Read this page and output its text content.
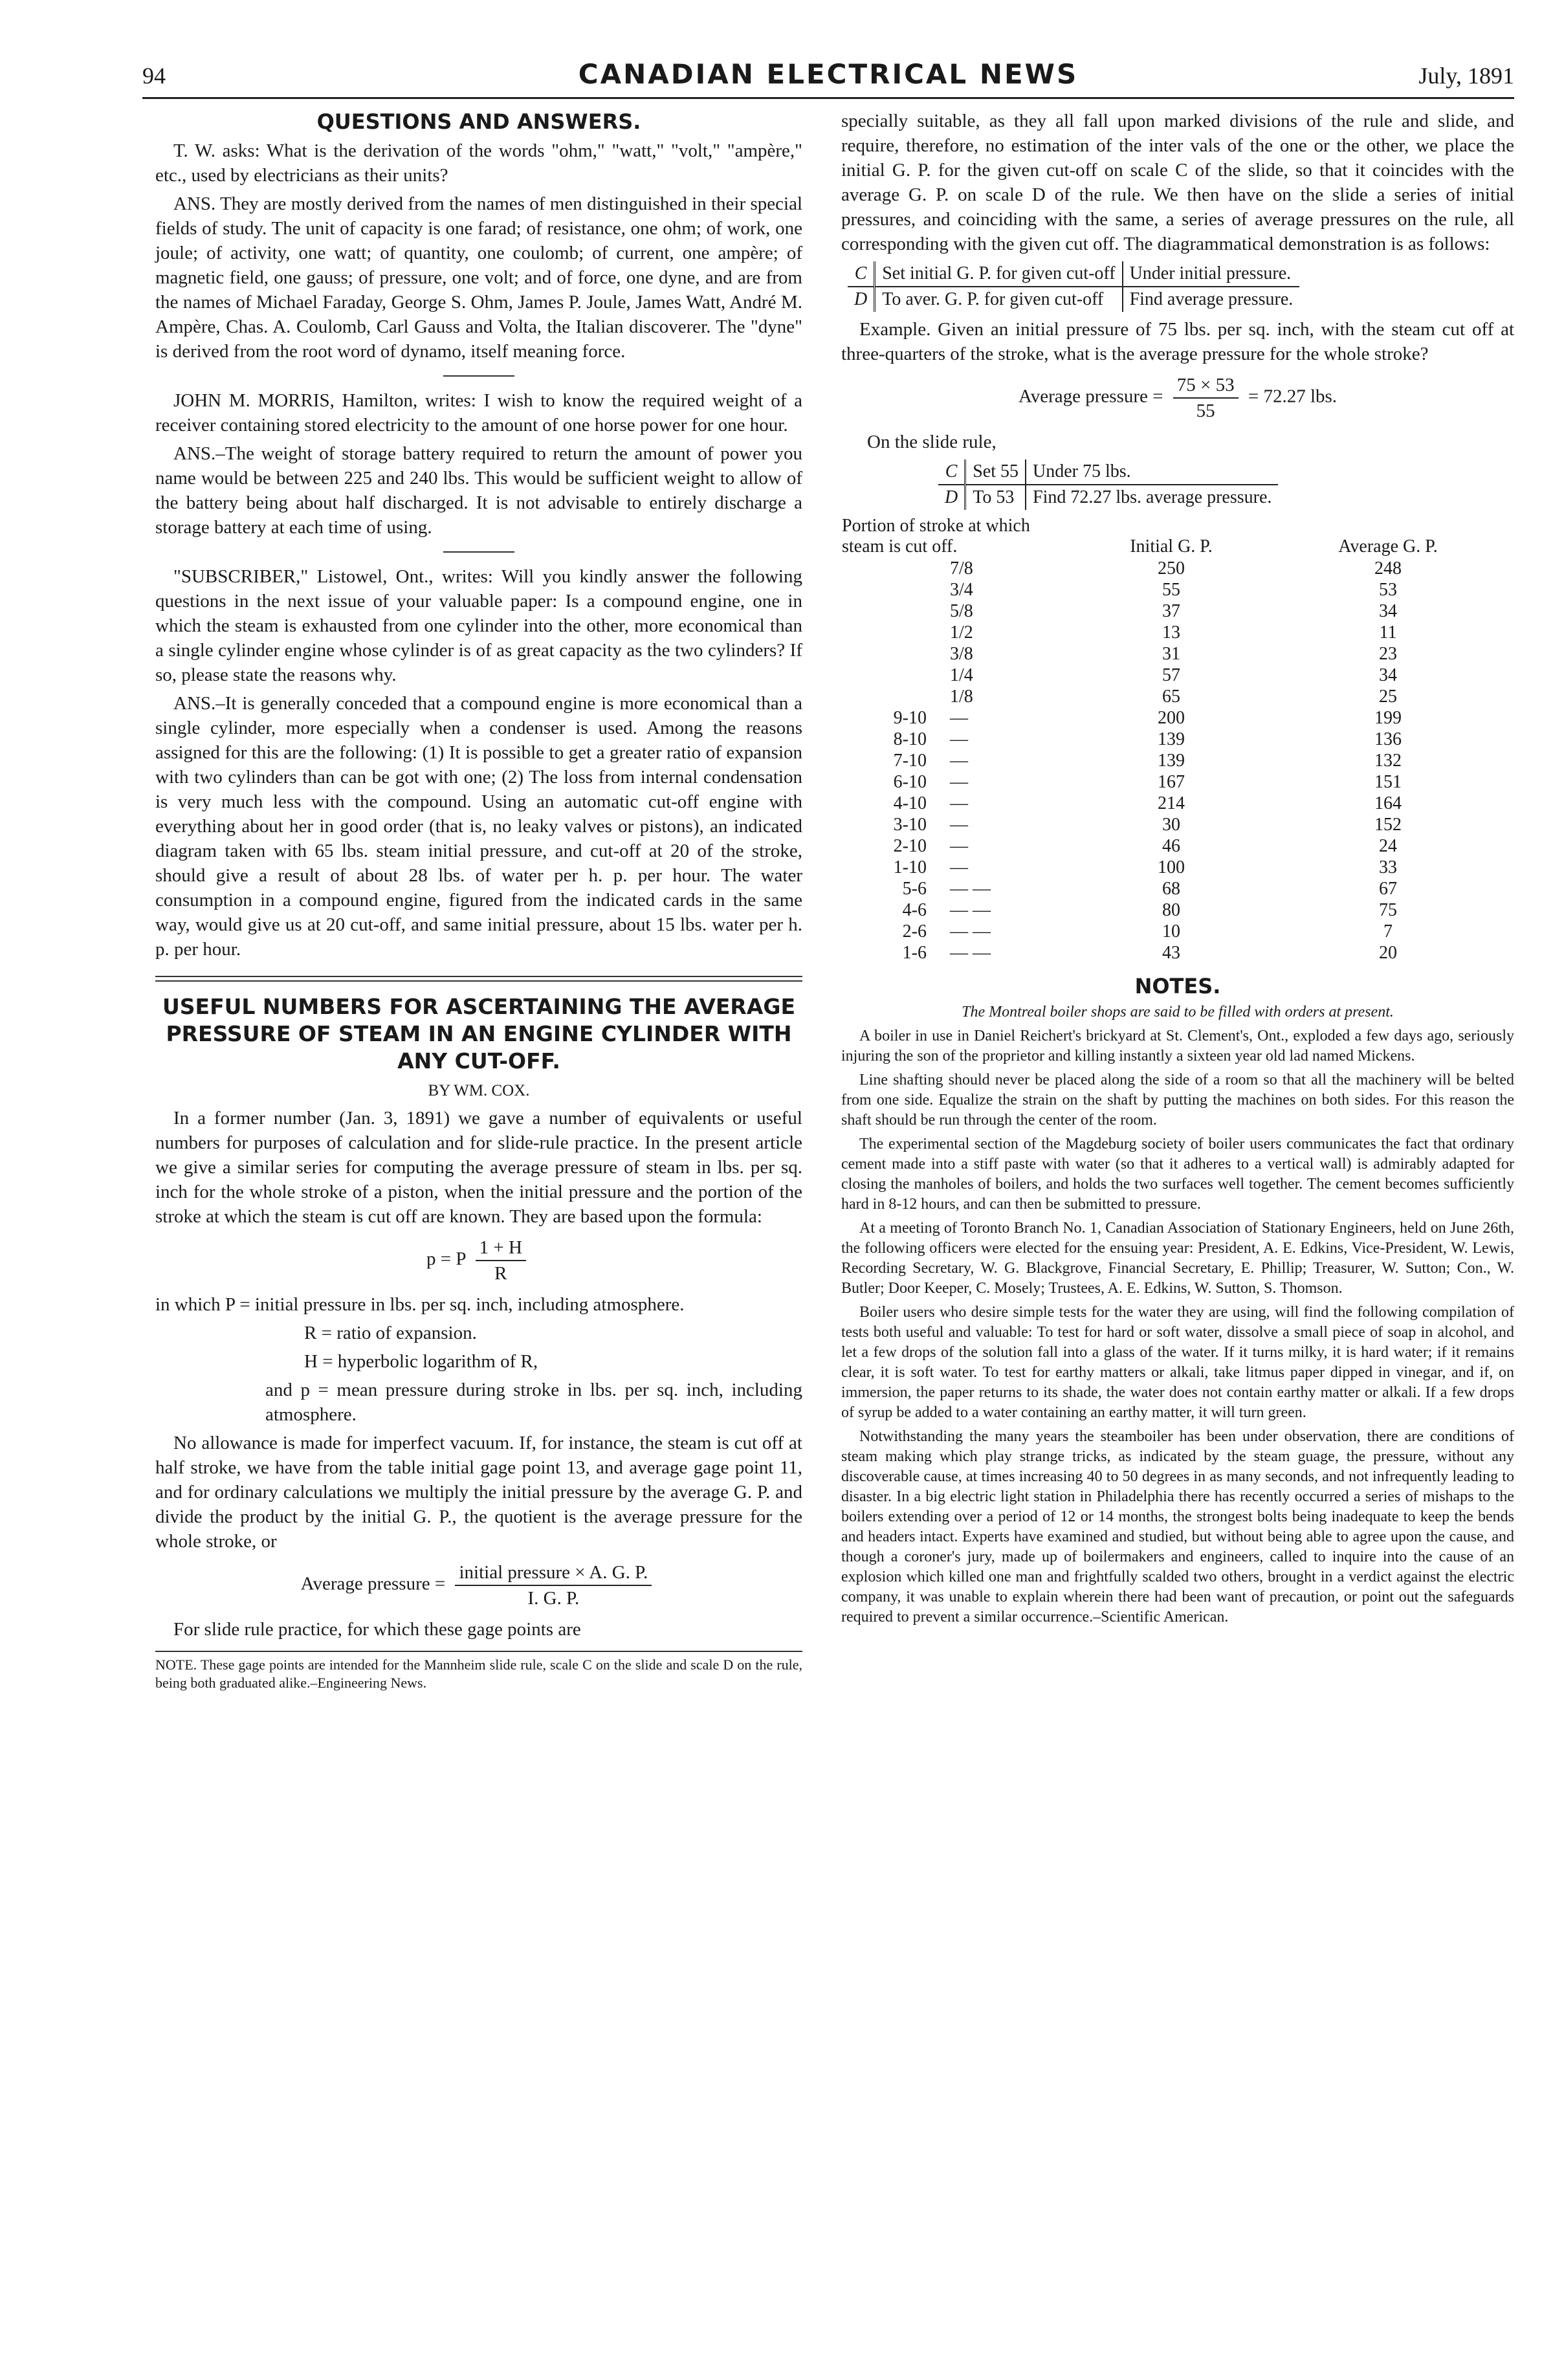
94	CANADIAN ELECTRICAL NEWS	July, 1891
QUESTIONS AND ANSWERS.

T. W. asks: What is the derivation of the words "ohm," "watt," "volt," "ampère," etc., used by electricians as their units?

ANS. They are mostly derived from the names of men distinguished in their special fields of study. The unit of capacity is one farad; of resistance, one ohm; of work, one joule; of activity, one watt; of quantity, one coulomb; of current, one ampère; of magnetic field, one gauss; of pressure, one volt; and of force, one dyne, and are from the names of Michael Faraday, George S. Ohm, James P. Joule, James Watt, André M. Ampère, Chas. A. Coulomb, Carl Gauss and Volta, the Italian discoverer. The "dyne" is derived from the root word of dynamo, itself meaning force.

JOHN M. MORRIS, Hamilton, writes: I wish to know the required weight of a receiver containing stored electricity to the amount of one horse power for one hour.

ANS.–The weight of storage battery required to return the amount of power you name would be between 225 and 240 lbs. This would be sufficient weight to allow of the battery being about half discharged. It is not advisable to entirely discharge a storage battery at each time of using.

"SUBSCRIBER," Listowel, Ont., writes: Will you kindly answer the following questions in the next issue of your valuable paper: Is a compound engine, one in which the steam is exhausted from one cylinder into the other, more economical than a single cylinder engine whose cylinder is of as great capacity as the two cylinders? If so, please state the reasons why.

ANS.–It is generally conceded that a compound engine is more economical than a single cylinder, more especially when a condenser is used. Among the reasons assigned for this are the following: (1) It is possible to get a greater ratio of expansion with two cylinders than can be got with one; (2) The loss from internal condensation is very much less with the compound. Using an automatic cut-off engine with everything about her in good order (that is, no leaky valves or pistons), an indicated diagram taken with 65 lbs. steam initial pressure, and cut-off at 20 of the stroke, should give a result of about 28 lbs. of water per h. p. per hour. The water consumption in a compound engine, figured from the indicated cards in the same way, would give us at 20 cut-off, and same initial pressure, about 15 lbs. water per h. p. per hour.

USEFUL NUMBERS FOR ASCERTAINING THE AVERAGE PRESSURE OF STEAM IN AN ENGINE CYLINDER WITH ANY CUT-OFF.
BY WM. COX.

In a former number (Jan. 3, 1891) we gave a number of equivalents or useful numbers for purposes of calculation and for slide-rule practice. In the present article we give a similar series for computing the average pressure of steam in lbs. per sq. inch for the whole stroke of a piston, when the initial pressure and the portion of the stroke at which the steam is cut off are known. They are based upon the formula:

p = P $\frac{1 + H}{R}$

in which P = initial pressure in lbs. per sq. inch, including atmosphere.

R = ratio of expansion.

H = hyperbolic logarithm of R,

and p = mean pressure during stroke in lbs. per sq. inch, including atmosphere.

No allowance is made for imperfect vacuum. If, for instance, the steam is cut off at half stroke, we have from the table initial gage point 13, and average gage point 11, and for ordinary calculations we multiply the initial pressure by the average G. P. and divide the product by the initial G. P., the quotient is the average pressure for the whole stroke, or

Average pressure = $\frac{\text{initial pressure × A. G. P.}}{I. G. P.}$

For slide rule practice, for which these gage points are

NOTE. These gage points are intended for the Mannheim slide rule, scale C on the slide and scale D on the rule, being both graduated alike.–Engineering News.

specially suitable, as they all fall upon marked divisions of the rule and slide, and require, therefore, no estimation of the inter vals of the one or the other, we place the initial G. P. for the given cut-off on scale C of the slide, so that it coincides with the average G. P. on scale D of the rule. We then have on the slide a series of initial pressures, and coinciding with the same, a series of average pressures on the rule, all corresponding with the given cut off. The diagrammatical demonstration is as follows:

C	Set initial G. P. for given cut-off	Under initial pressure.
D	To aver. G. P. for given cut-off	Find average pressure.

Example. Given an initial pressure of 75 lbs. per sq. inch, with the steam cut off at three-quarters of the stroke, what is the average pressure for the whole stroke?

Average pressure = $\frac{75 \times 53}{55} = 72.27$ lbs.

On the slide rule,

C	Set 55	Under 75 lbs.
D	To 53	Find 72.27 lbs. average pressure.
Portion of stroke at which steam is cut off.		Initial G. P.	Average G. P.
	7/8	250	248
	3/4	55	53
	5/8	37	34
	1/2	13	11
	3/8	31	23
	1/4	57	34
	1/8	65	25
9-10	—	200	199
8-10	—	139	136
7-10	—	139	132
6-10	—	167	151
4-10	—	214	164
3-10	—	30	152
2-10	—	46	24
1-10	—	100	33
5-6	— —	68	67
4-6	— —	80	75
2-6	— —	10	7
1-6	— —	43	20
NOTES.

The Montreal boiler shops are said to be filled with orders at present.

A boiler in use in Daniel Reichert's brickyard at St. Clement's, Ont., exploded a few days ago, seriously injuring the son of the proprietor and killing instantly a sixteen year old lad named Mickens.

Line shafting should never be placed along the side of a room so that all the machinery will be belted from one side. Equalize the strain on the shaft by putting the machines on both sides. For this reason the shaft should be run through the center of the room.

The experimental section of the Magdeburg society of boiler users communicates the fact that ordinary cement made into a stiff paste with water (so that it adheres to a vertical wall) is admirably adapted for closing the manholes of boilers, and holds the two surfaces well together. The cement becomes sufficiently hard in 8-12 hours, and can then be submitted to pressure.

At a meeting of Toronto Branch No. 1, Canadian Association of Stationary Engineers, held on June 26th, the following officers were elected for the ensuing year: President, A. E. Edkins, Vice-President, W. Lewis, Recording Secretary, W. G. Blackgrove, Financial Secretary, E. Phillip; Treasurer, W. Sutton; Con., W. Butler; Door Keeper, C. Mosely; Trustees, A. E. Edkins, W. Sutton, S. Thomson.

Boiler users who desire simple tests for the water they are using, will find the following compilation of tests both useful and valuable: To test for hard or soft water, dissolve a small piece of soap in alcohol, and let a few drops of the solution fall into a glass of the water. If it turns milky, it is hard water; if it remains clear, it is soft water. To test for earthy matters or alkali, take litmus paper dipped in vinegar, and if, on immersion, the paper returns to its shade, the water does not contain earthy matter or alkali. If a few drops of syrup be added to a water containing an earthy matter, it will turn green.

Notwithstanding the many years the steamboiler has been under observation, there are conditions of steam making which play strange tricks, as indicated by the steam guage, the pressure, without any discoverable cause, at times increasing 40 to 50 degrees in as many seconds, and not infrequently leading to disaster. In a big electric light station in Philadelphia there has recently occurred a series of mishaps to the boilers extending over a period of 12 or 14 months, the strongest bolts being inadequate to keep the bends and headers intact. Experts have examined and studied, but without being able to agree upon the cause, and though a coroner's jury, made up of boilermakers and engineers, called to inquire into the cause of an explosion which killed one man and frightfully scalded two others, brought in a verdict against the electric company, it was unable to explain wherein there had been want of precaution, or point out the safeguards required to prevent a similar occurrence.–Scientific American.
